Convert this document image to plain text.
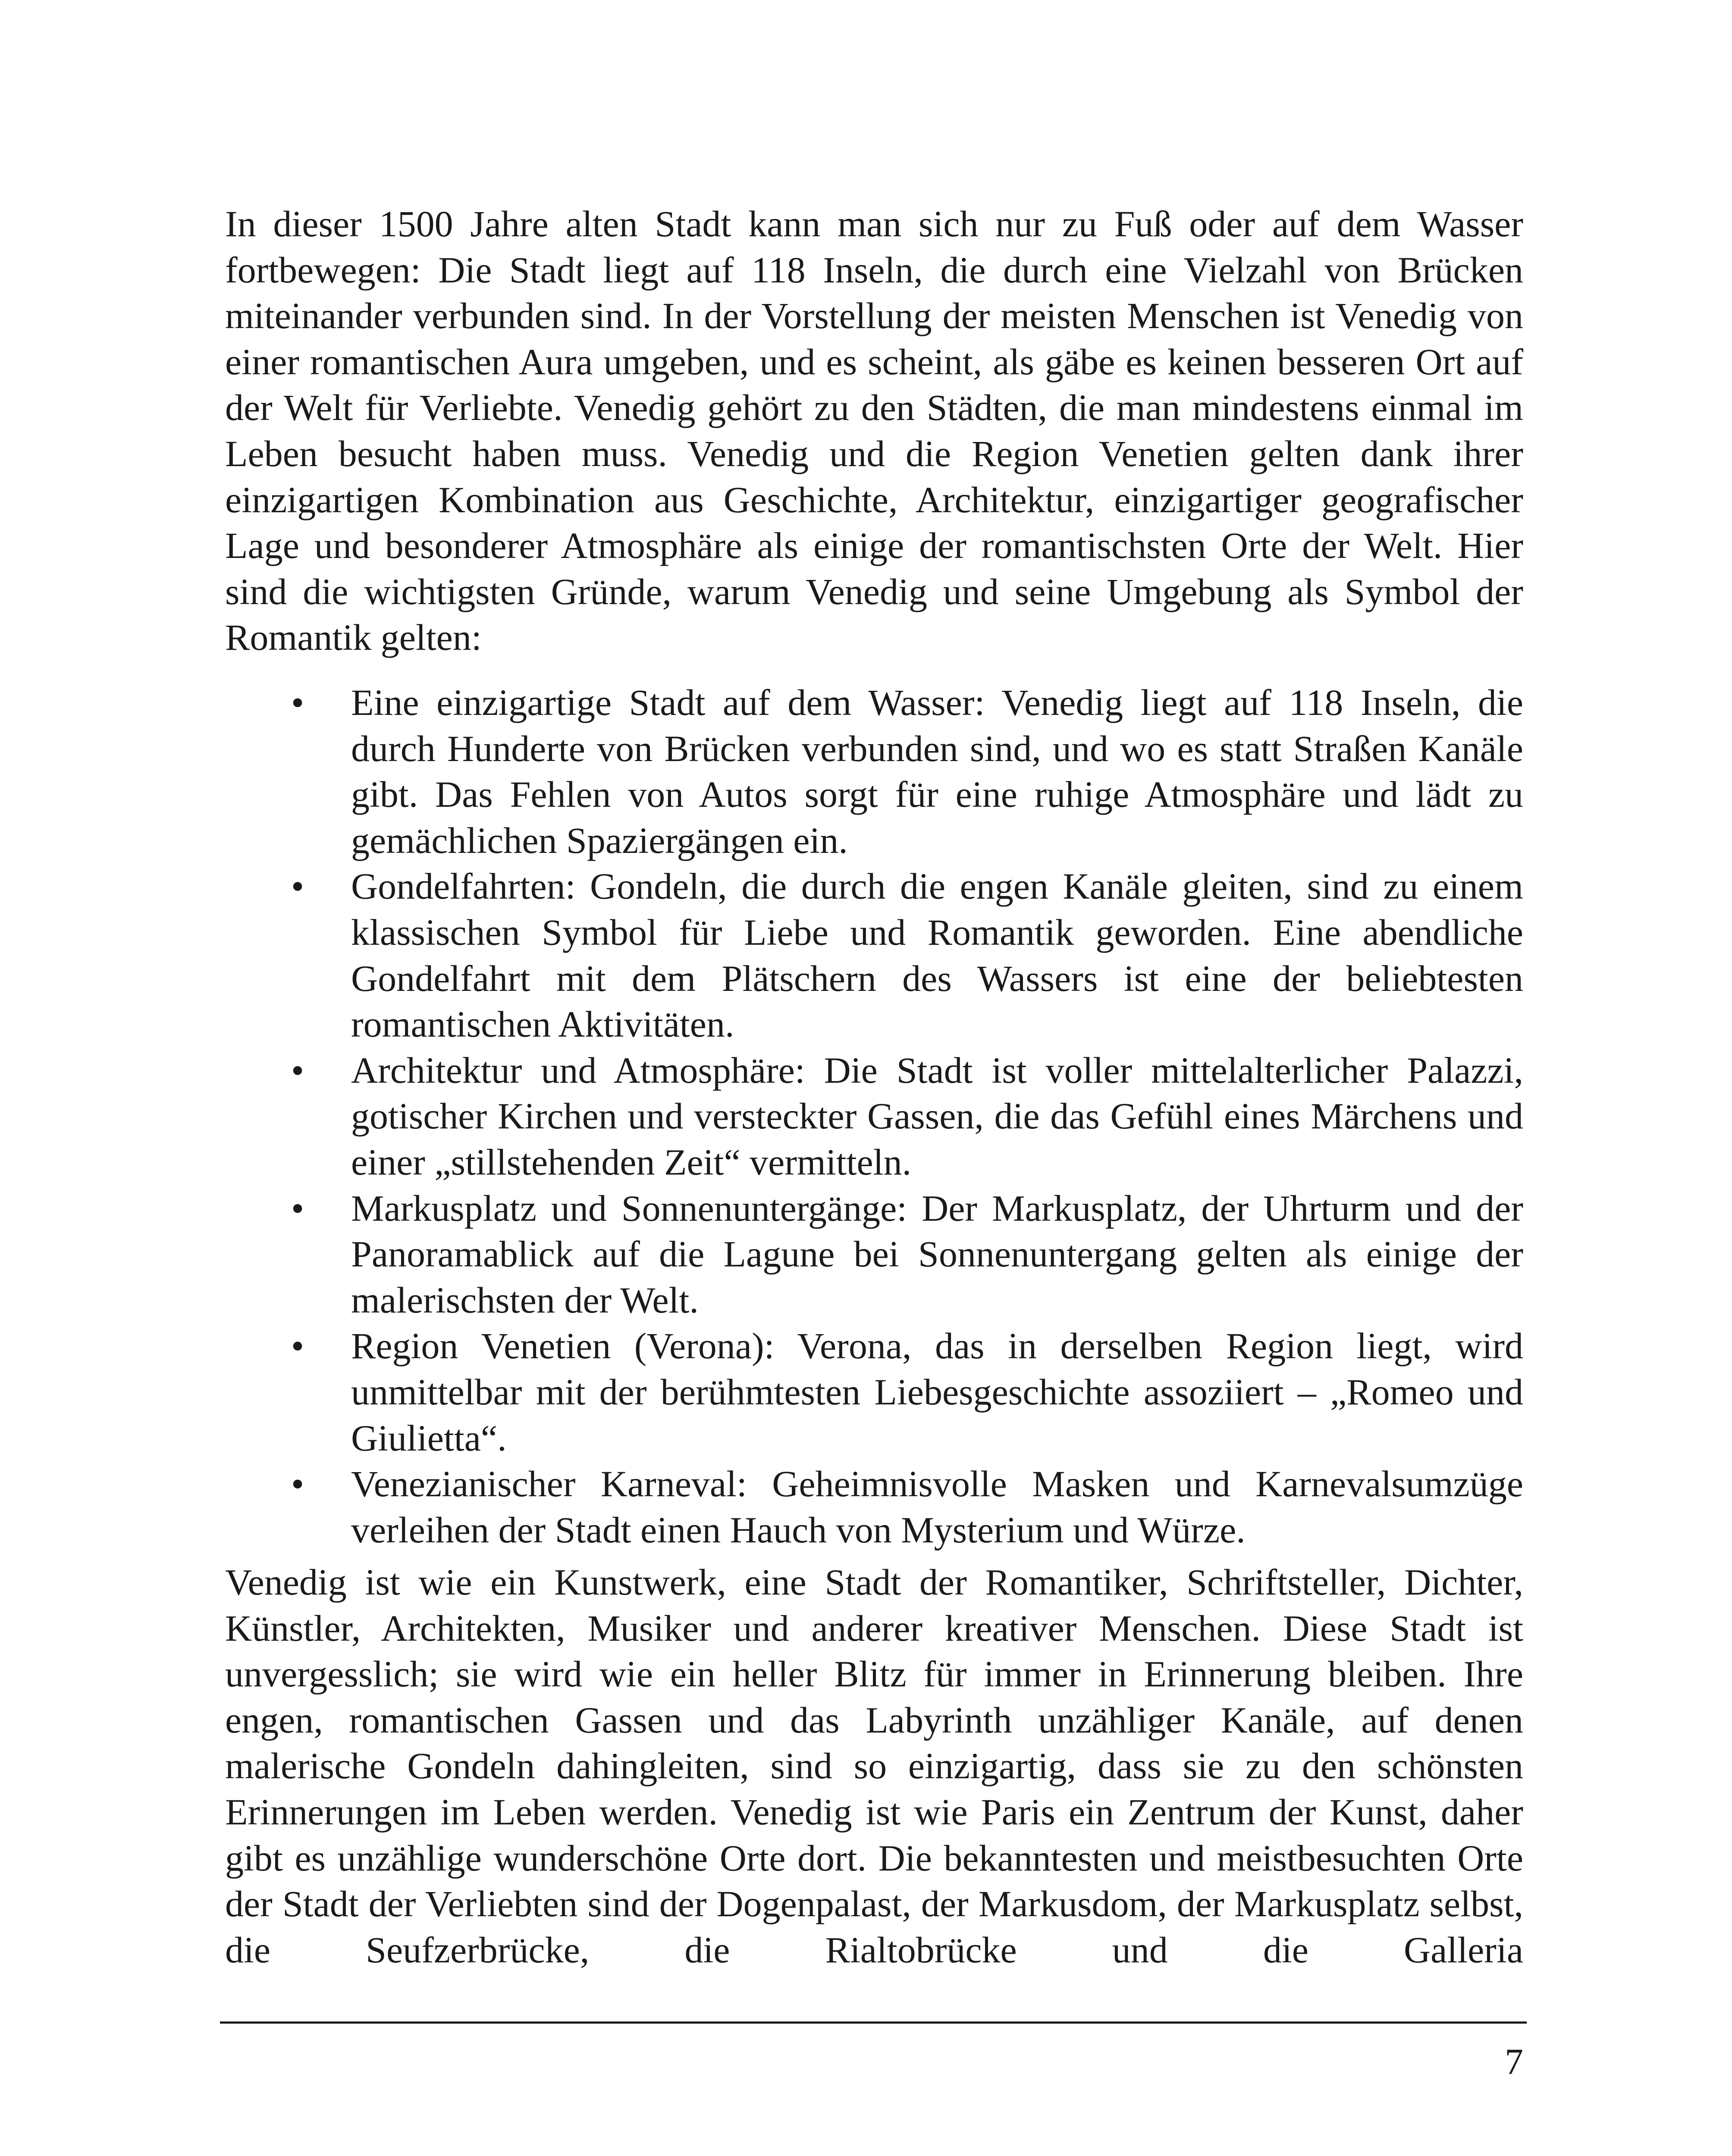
In dieser 1500 Jahre alten Stadt kann man sich nur zu Fuß oder auf dem Wasser fortbewegen: Die Stadt liegt auf 118 Inseln, die durch eine Vielzahl von Brücken miteinander verbunden sind. In der Vorstellung der meisten Menschen ist Venedig von einer romantischen Aura umgeben, und es scheint, als gäbe es keinen besseren Ort auf der Welt für Verliebte. Venedig gehört zu den Städten, die man mindestens einmal im Leben besucht haben muss. Venedig und die Region Venetien gelten dank ihrer einzigartigen Kombination aus Geschichte, Architektur, einzigartiger geografischer Lage und besonderer Atmosphäre als einige der romantischsten Orte der Welt. Hier sind die wichtigsten Gründe, warum Venedig und seine Umgebung als Symbol der Romantik gelten:

• Eine einzigartige Stadt auf dem Wasser: Venedig liegt auf 118 Inseln, die durch Hunderte von Brücken verbunden sind, und wo es statt Straßen Kanäle gibt. Das Fehlen von Autos sorgt für eine ruhige Atmosphäre und lädt zu gemächlichen Spaziergängen ein.
• Gondelfahrten: Gondeln, die durch die engen Kanäle gleiten, sind zu einem klassischen Symbol für Liebe und Romantik geworden. Eine abendliche Gondelfahrt mit dem Plätschern des Wassers ist eine der beliebtesten romantischen Aktivitäten.
• Architektur und Atmosphäre: Die Stadt ist voller mittelalterlicher Palazzi, gotischer Kirchen und versteckter Gassen, die das Gefühl eines Märchens und einer „stillstehenden Zeit“ vermitteln.
• Markusplatz und Sonnenuntergänge: Der Markusplatz, der Uhrturm und der Panoramablick auf die Lagune bei Sonnenuntergang gelten als einige der malerischsten der Welt.
• Region Venetien (Verona): Verona, das in derselben Region liegt, wird unmittelbar mit der berühmtesten Liebesgeschichte assoziiert – „Romeo und Giulietta“.
• Venezianischer Karneval: Geheimnisvolle Masken und Karnevalsumzüge verleihen der Stadt einen Hauch von Mysterium und Würze.

Venedig ist wie ein Kunstwerk, eine Stadt der Romantiker, Schriftsteller, Dichter, Künstler, Architekten, Musiker und anderer kreativer Menschen. Diese Stadt ist unvergesslich; sie wird wie ein heller Blitz für immer in Erinnerung bleiben. Ihre engen, romantischen Gassen und das Labyrinth unzähliger Kanäle, auf denen malerische Gondeln dahingleiten, sind so einzigartig, dass sie zu den schönsten Erinnerungen im Leben werden. Venedig ist wie Paris ein Zentrum der Kunst, daher gibt es unzählige wunderschöne Orte dort. Die bekanntesten und meistbesuchten Orte der Stadt der Verliebten sind der Dogenpalast, der Markusdom, der Markusplatz selbst, die Seufzerbrücke, die Rialtobrücke und die Galleria

7
